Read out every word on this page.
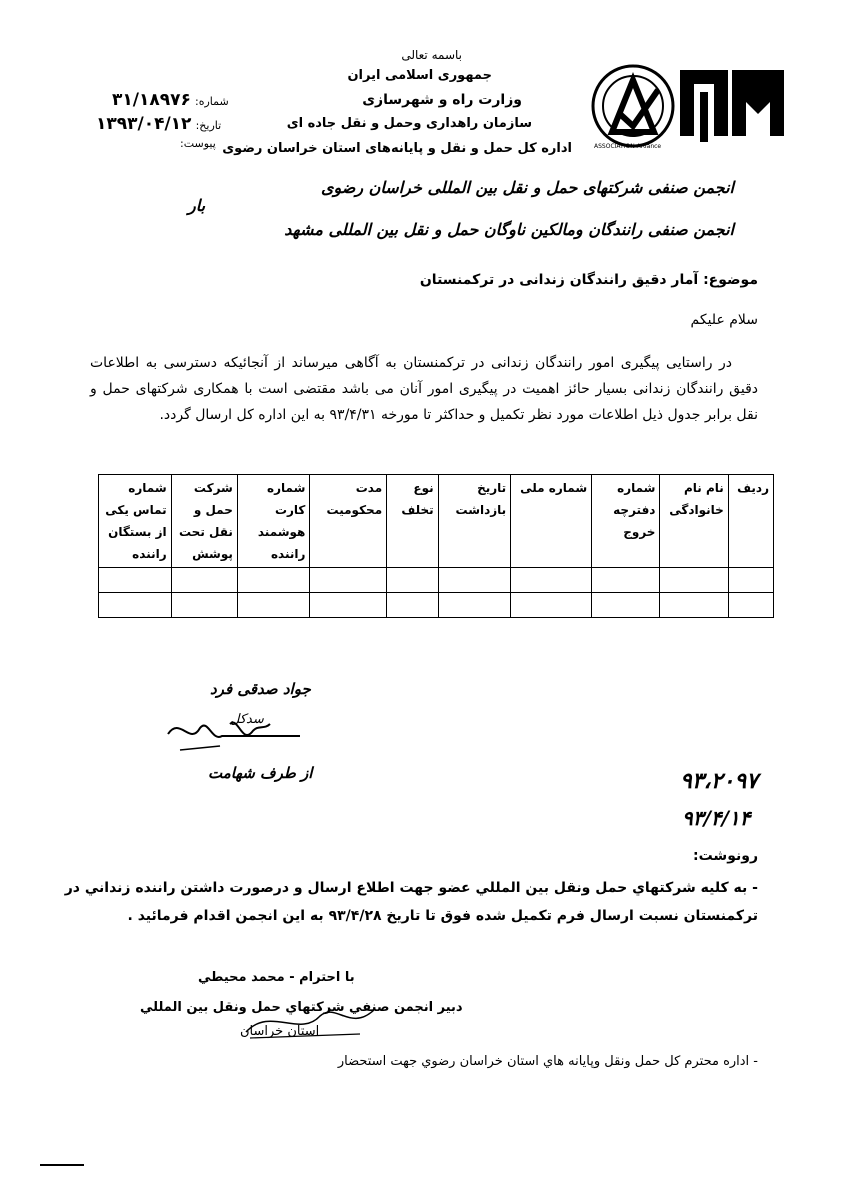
باسمه تعالی
جمهوری اسلامی ایران
وزارت راه و شهرسازی
سازمان راهداری وحمل و نقل جاده ای
اداره کل حمل و نقل و پایانه‌های استان خراسان رضوی	ASSOCIATION ARIance
شماره: ۳۱/۱۸۹۷۶
تاریخ: ۱۳۹۳/۰۴/۱۲
پیوست:
انجمن صنفی شرکتهای حمل و نقل بین المللی خراسان رضوی
انجمن صنفی رانندگان ومالکین ناوگان حمل و نقل بین المللی مشهد
بار
موضوع: آمار دقیق رانندگان زندانی در ترکمنستان
سلام علیکم
در راستایی پیگیری امور رانندگان زندانی در ترکمنستان به آگاهی میرساند از آنجائیکه دسترسی به اطلاعات دقیق رانندگان زندانی بسیار حائز اهمیت در پیگیری امور آنان می باشد مقتضی است با همکاری شرکتهای حمل و نقل برابر جدول ذیل اطلاعات مورد نظر تکمیل و حداکثر تا مورخه ۹۳/۴/۳۱ به این اداره کل ارسال گردد.
ردیف	نام نام خانوادگی	شماره دفترچه خروج	شماره ملی	تاریخ بازداشت	نوع تخلف	مدت محکومیت	شماره کارت هوشمند راننده	شرکت حمل و نقل تحت پوشش	شماره تماس یکی از بستگان راننده

جواد صدقی فرد
سدکل
از طرف شهامت	۹۳،۲۰۹۷
۹۳/۴/۱۴
رونوشت:
- به كليه شركتهاي حمل ونقل بين المللي عضو جهت اطلاع ارسال و درصورت داشتن راننده زنداني در
تركمنستان نسبت ارسال فرم تكميل شده فوق تا تاريخ ۹۳/۴/۲۸ به اين انجمن اقدام فرمائيد .
با احترام - محمد محیطي
دبير انجمن صنفي شركتهاي حمل ونقل بين المللي
استان خراسان
- اداره محترم كل حمل ونقل وپايانه هاي استان خراسان رضوي جهت استحضار
